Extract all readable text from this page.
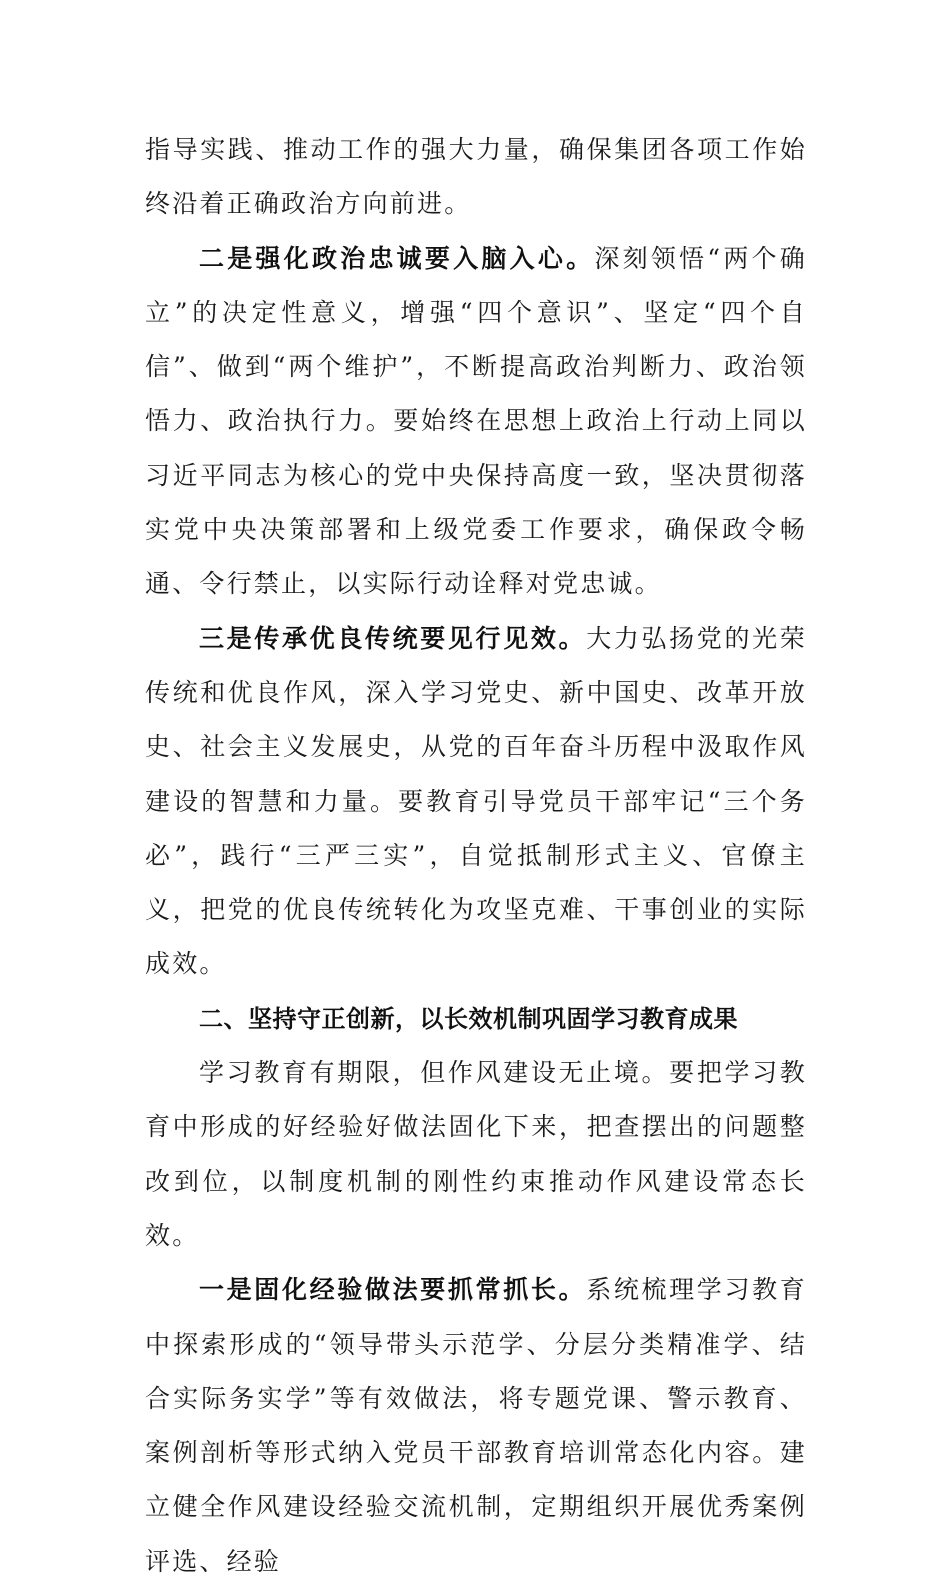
指导实践、推动工作的强大力量，确保集团各项工作始终沿着正确政治方向前进。

二是强化政治忠诚要入脑入心。深刻领悟“两个确立”的决定性意义，增强“四个意识”、坚定“四个自信”、做到“两个维护”，不断提高政治判断力、政治领悟力、政治执行力。要始终在思想上政治上行动上同以习近平同志为核心的党中央保持高度一致，坚决贯彻落实党中央决策部署和上级党委工作要求，确保政令畅通、令行禁止，以实际行动诠释对党忠诚。

三是传承优良传统要见行见效。大力弘扬党的光荣传统和优良作风，深入学习党史、新中国史、改革开放史、社会主义发展史，从党的百年奋斗历程中汲取作风建设的智慧和力量。要教育引导党员干部牢记“三个务必”，践行“三严三实”，自觉抵制形式主义、官僚主义，把党的优良传统转化为攻坚克难、干事创业的实际成效。

二、坚持守正创新，以长效机制巩固学习教育成果

学习教育有期限，但作风建设无止境。要把学习教育中形成的好经验好做法固化下来，把查摆出的问题整改到位，以制度机制的刚性约束推动作风建设常态长效。

一是固化经验做法要抓常抓长。系统梳理学习教育中探索形成的“领导带头示范学、分层分类精准学、结合实际务实学”等有效做法，将专题党课、警示教育、案例剖析等形式纳入党员干部教育培训常态化内容。建立健全作风建设经验交流机制，定期组织开展优秀案例评选、经验
